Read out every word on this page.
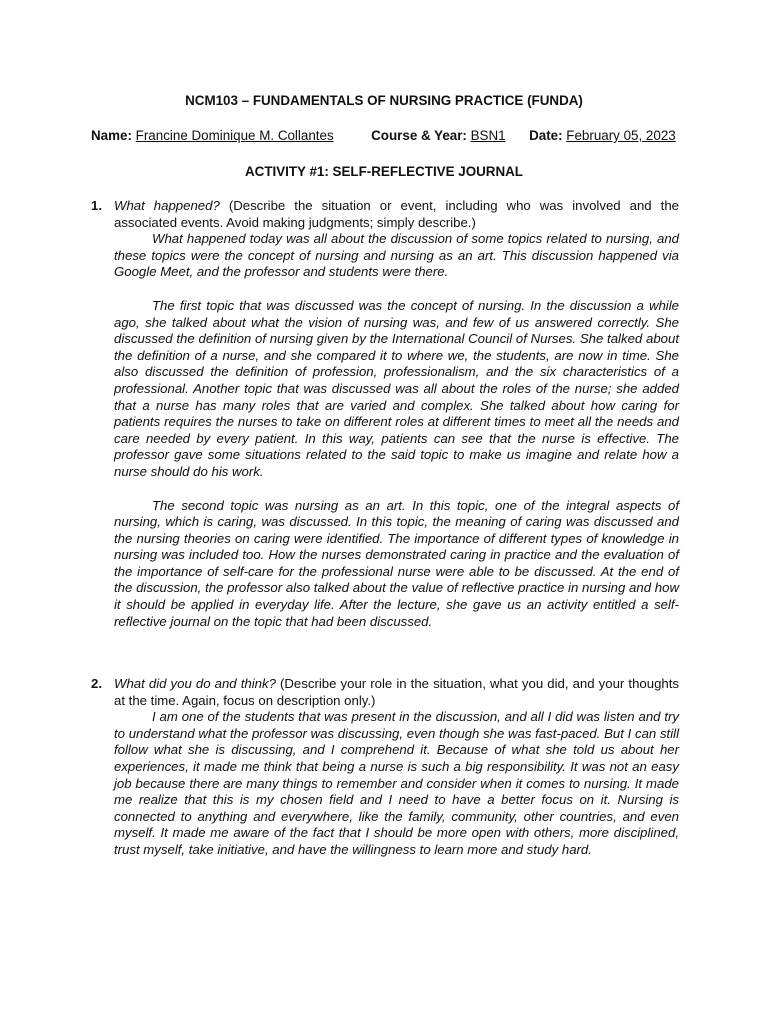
NCM103 – FUNDAMENTALS OF NURSING PRACTICE (FUNDA)
Name: Francine Dominique M. Collantes	Course & Year: BSN1 Date: February 05, 2023
ACTIVITY #1: SELF-REFLECTIVE JOURNAL
1. What happened? (Describe the situation or event, including who was involved and the associated events. Avoid making judgments; simply describe.)

What happened today was all about the discussion of some topics related to nursing, and these topics were the concept of nursing and nursing as an art. This discussion happened via Google Meet, and the professor and students were there.

The first topic that was discussed was the concept of nursing. In the discussion a while ago, she talked about what the vision of nursing was, and few of us answered correctly. She discussed the definition of nursing given by the International Council of Nurses. She talked about the definition of a nurse, and she compared it to where we, the students, are now in time. She also discussed the definition of profession, professionalism, and the six characteristics of a professional. Another topic that was discussed was all about the roles of the nurse; she added that a nurse has many roles that are varied and complex. She talked about how caring for patients requires the nurses to take on different roles at different times to meet all the needs and care needed by every patient. In this way, patients can see that the nurse is effective. The professor gave some situations related to the said topic to make us imagine and relate how a nurse should do his work.

The second topic was nursing as an art. In this topic, one of the integral aspects of nursing, which is caring, was discussed. In this topic, the meaning of caring was discussed and the nursing theories on caring were identified. The importance of different types of knowledge in nursing was included too. How the nurses demonstrated caring in practice and the evaluation of the importance of self-care for the professional nurse were able to be discussed. At the end of the discussion, the professor also talked about the value of reflective practice in nursing and how it should be applied in everyday life. After the lecture, she gave us an activity entitled a self-reflective journal on the topic that had been discussed.

2. What did you do and think? (Describe your role in the situation, what you did, and your thoughts at the time. Again, focus on description only.)

I am one of the students that was present in the discussion, and all I did was listen and try to understand what the professor was discussing, even though she was fast-paced. But I can still follow what she is discussing, and I comprehend it. Because of what she told us about her experiences, it made me think that being a nurse is such a big responsibility. It was not an easy job because there are many things to remember and consider when it comes to nursing. It made me realize that this is my chosen field and I need to have a better focus on it. Nursing is connected to anything and everywhere, like the family, community, other countries, and even myself. It made me aware of the fact that I should be more open with others, more disciplined, trust myself, take initiative, and have the willingness to learn more and study hard.
